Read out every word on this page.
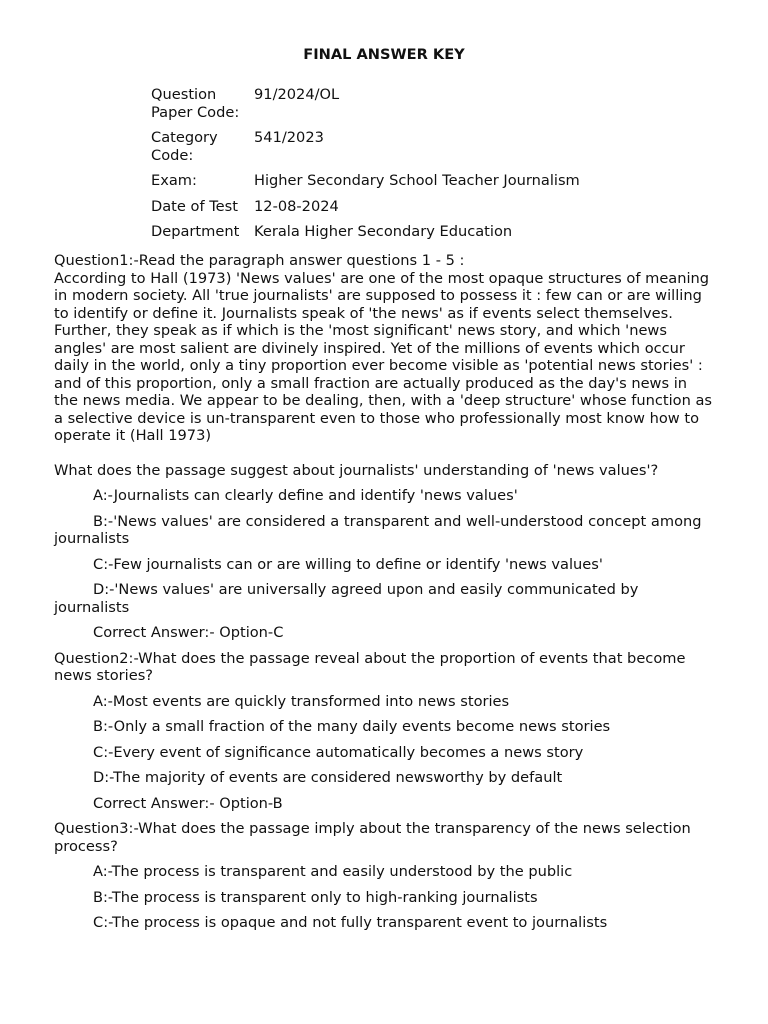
FINAL ANSWER KEY
Question Paper Code:	91/2024/OL
Category Code:	541/2023
Exam:	Higher Secondary School Teacher Journalism
Date of Test	12-08-2024
Department	Kerala Higher Secondary Education

Question1:-Read the paragraph answer questions 1 - 5 :

According to Hall (1973) 'News values' are one of the most opaque structures of meaning in modern society. All 'true journalists' are supposed to possess it : few can or are willing to identify or define it. Journalists speak of 'the news' as if events select themselves. Further, they speak as if which is the 'most significant' news story, and which 'news angles' are most salient are divinely inspired. Yet of the millions of events which occur daily in the world, only a tiny proportion ever become visible as 'potential news stories' : and of this proportion, only a small fraction are actually produced as the day's news in the news media. We appear to be dealing, then, with a 'deep structure' whose function as a selective device is un-transparent even to those who professionally most know how to operate it (Hall 1973)

What does the passage suggest about journalists' understanding of 'news values'?

A:-Journalists can clearly define and identify 'news values'

B:-'News values' are considered a transparent and well-understood concept among journalists

C:-Few journalists can or are willing to define or identify 'news values'

D:-'News values' are universally agreed upon and easily communicated by journalists

Correct Answer:- Option-C

Question2:-What does the passage reveal about the proportion of events that become news stories?

A:-Most events are quickly transformed into news stories

B:-Only a small fraction of the many daily events become news stories

C:-Every event of significance automatically becomes a news story

D:-The majority of events are considered newsworthy by default

Correct Answer:- Option-B

Question3:-What does the passage imply about the transparency of the news selection process?

A:-The process is transparent and easily understood by the public

B:-The process is transparent only to high-ranking journalists

C:-The process is opaque and not fully transparent event to journalists
